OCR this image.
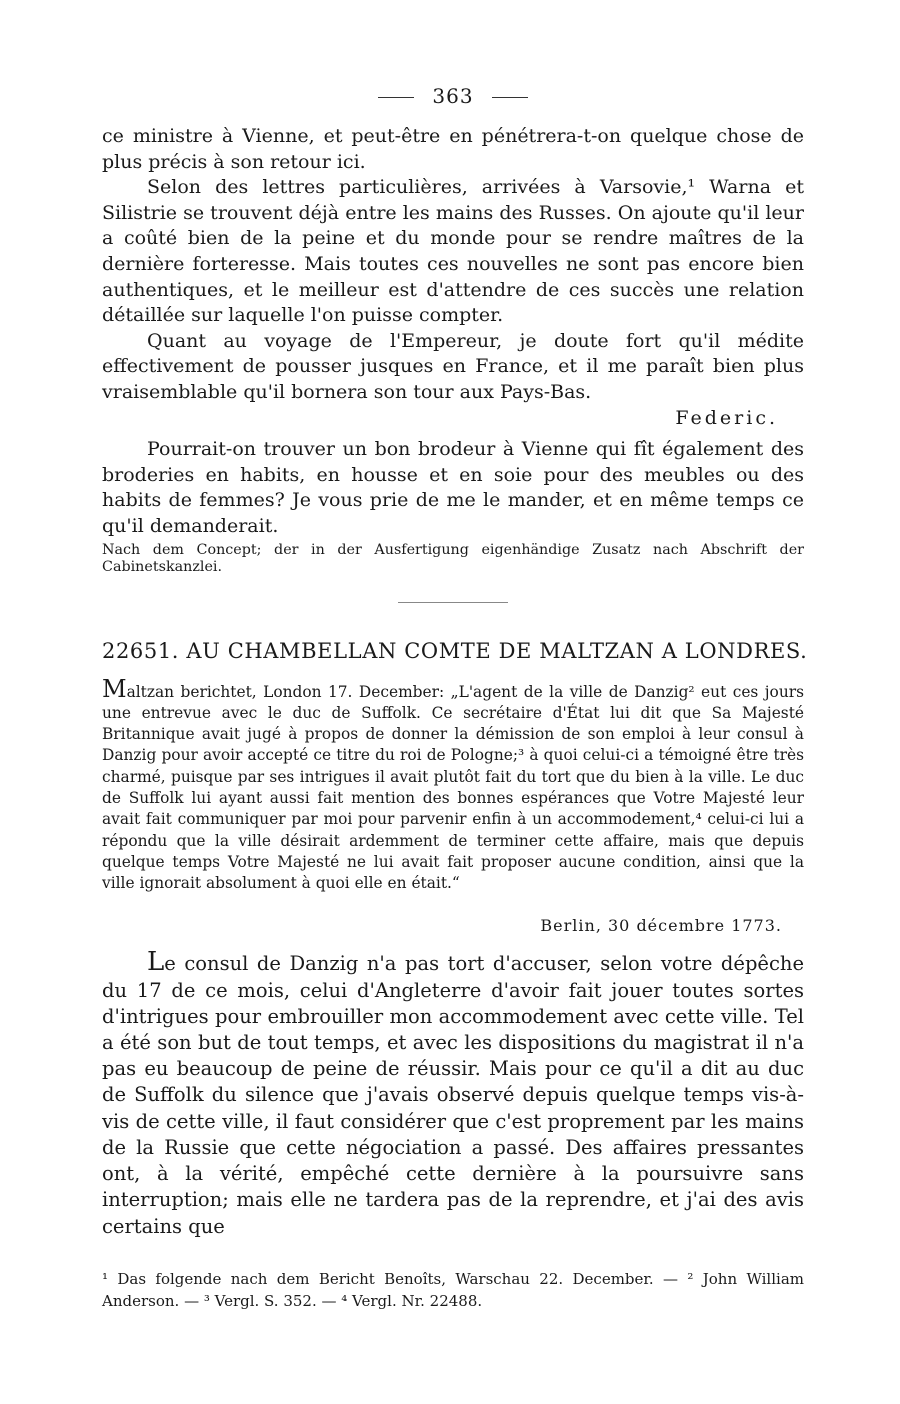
363

ce ministre à Vienne, et peut-être en pénétrera-t-on quelque chose de plus précis à son retour ici.

Selon des lettres particulières, arrivées à Varsovie,¹ Warna et Silistrie se trouvent déjà entre les mains des Russes. On ajoute qu'il leur a coûté bien de la peine et du monde pour se rendre maîtres de la dernière forteresse. Mais toutes ces nouvelles ne sont pas encore bien authentiques, et le meilleur est d'attendre de ces succès une relation détaillée sur laquelle l'on puisse compter.

Quant au voyage de l'Empereur, je doute fort qu'il médite effectivement de pousser jusques en France, et il me paraît bien plus vraisemblable qu'il bornera son tour aux Pays-Bas.

Federic.

Pourrait-on trouver un bon brodeur à Vienne qui fît également des broderies en habits, en housse et en soie pour des meubles ou des habits de femmes? Je vous prie de me le mander, et en même temps ce qu'il demanderait.

Nach dem Concept; der in der Ausfertigung eigenhändige Zusatz nach Abschrift der Cabinetskanzlei.

22651. AU CHAMBELLAN COMTE DE MALTZAN A LONDRES.

Maltzan berichtet, London 17. December: „L'agent de la ville de Danzig² eut ces jours une entrevue avec le duc de Suffolk. Ce secrétaire d'État lui dit que Sa Majesté Britannique avait jugé à propos de donner la démission de son emploi à leur consul à Danzig pour avoir accepté ce titre du roi de Pologne;³ à quoi celui-ci a témoigné être très charmé, puisque par ses intrigues il avait plutôt fait du tort que du bien à la ville. Le duc de Suffolk lui ayant aussi fait mention des bonnes espérances que Votre Majesté leur avait fait communiquer par moi pour parvenir enfin à un accommodement,⁴ celui-ci lui a répondu que la ville désirait ardemment de terminer cette affaire, mais que depuis quelque temps Votre Majesté ne lui avait fait proposer aucune condition, ainsi que la ville ignorait absolument à quoi elle en était.“

Berlin, 30 décembre 1773.

Le consul de Danzig n'a pas tort d'accuser, selon votre dépêche du 17 de ce mois, celui d'Angleterre d'avoir fait jouer toutes sortes d'intrigues pour embrouiller mon accommodement avec cette ville. Tel a été son but de tout temps, et avec les dispositions du magistrat il n'a pas eu beaucoup de peine de réussir. Mais pour ce qu'il a dit au duc de Suffolk du silence que j'avais observé depuis quelque temps vis-à-vis de cette ville, il faut considérer que c'est proprement par les mains de la Russie que cette négociation a passé. Des affaires pressantes ont, à la vérité, empêché cette dernière à la poursuivre sans interruption; mais elle ne tardera pas de la reprendre, et j'ai des avis certains que

¹ Das folgende nach dem Bericht Benoîts, Warschau 22. December. — ² John William Anderson. — ³ Vergl. S. 352. — ⁴ Vergl. Nr. 22488.
